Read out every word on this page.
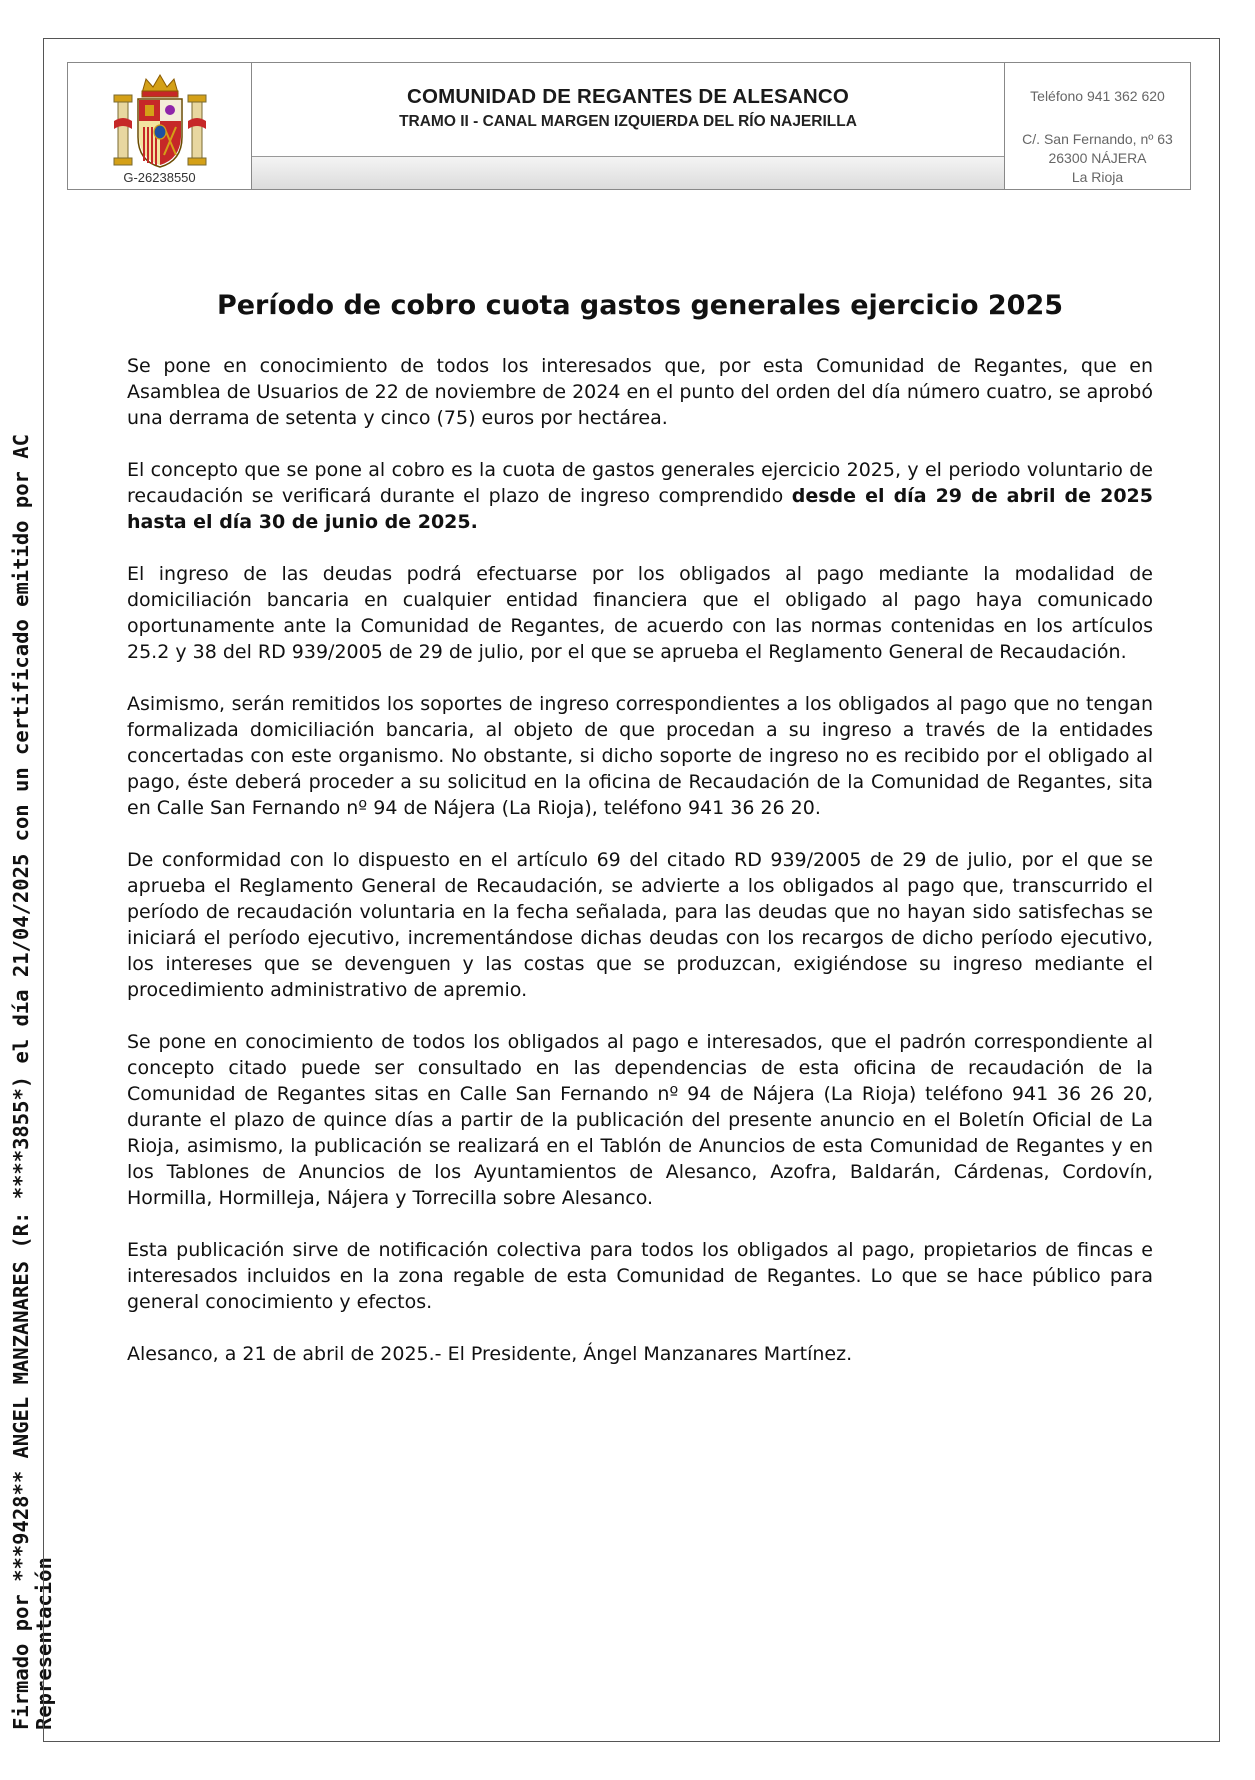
Firmado por ***9428** ANGEL MANZANARES (R: ****3855*) el día 21/04/2025 con un certificado emitido por AC Representación
G-26238550
COMUNIDAD DE REGANTES DE ALESANCO
TRAMO II - CANAL MARGEN IZQUIERDA DEL RÍO NAJERILLA
Teléfono 941 362 620
C/. San Fernando, nº 63
26300 NÁJERA
La Rioja
Período de cobro cuota gastos generales ejercicio 2025

Se pone en conocimiento de todos los interesados que, por esta Comunidad de Regantes, que en Asamblea de Usuarios de 22 de noviembre de 2024 en el punto del orden del día número cuatro, se aprobó una derrama de setenta y cinco (75) euros por hectárea.

El concepto que se pone al cobro es la cuota de gastos generales ejercicio 2025, y el periodo voluntario de recaudación se verificará durante el plazo de ingreso comprendido desde el día 29 de abril de 2025 hasta el día 30 de junio de 2025.

El ingreso de las deudas podrá efectuarse por los obligados al pago mediante la modalidad de domiciliación bancaria en cualquier entidad financiera que el obligado al pago haya comunicado oportunamente ante la Comunidad de Regantes, de acuerdo con las normas contenidas en los artículos 25.2 y 38 del RD 939/2005 de 29 de julio, por el que se aprueba el Reglamento General de Recaudación.

Asimismo, serán remitidos los soportes de ingreso correspondientes a los obligados al pago que no tengan formalizada domiciliación bancaria, al objeto de que procedan a su ingreso a través de la entidades concertadas con este organismo. No obstante, si dicho soporte de ingreso no es recibido por el obligado al pago, éste deberá proceder a su solicitud en la oficina de Recaudación de la Comunidad de Regantes, sita en Calle San Fernando nº 94 de Nájera (La Rioja), teléfono 941 36 26 20.

De conformidad con lo dispuesto en el artículo 69 del citado RD 939/2005 de 29 de julio, por el que se aprueba el Reglamento General de Recaudación, se advierte a los obligados al pago que, transcurrido el período de recaudación voluntaria en la fecha señalada, para las deudas que no hayan sido satisfechas se iniciará el período ejecutivo, incrementándose dichas deudas con los recargos de dicho período ejecutivo, los intereses que se devenguen y las costas que se produzcan, exigiéndose su ingreso mediante el procedimiento administrativo de apremio.

Se pone en conocimiento de todos los obligados al pago e interesados, que el padrón correspondiente al concepto citado puede ser consultado en las dependencias de esta oficina de recaudación de la Comunidad de Regantes sitas en Calle San Fernando nº 94 de Nájera (La Rioja) teléfono 941 36 26 20, durante el plazo de quince días a partir de la publicación del presente anuncio en el Boletín Oficial de La Rioja, asimismo, la publicación se realizará en el Tablón de Anuncios de esta Comunidad de Regantes y en los Tablones de Anuncios de los Ayuntamientos de Alesanco, Azofra, Baldarán, Cárdenas, Cordovín, Hormilla, Hormilleja, Nájera y Torrecilla sobre Alesanco.

Esta publicación sirve de notificación colectiva para todos los obligados al pago, propietarios de fincas e interesados incluidos en la zona regable de esta Comunidad de Regantes. Lo que se hace público para general conocimiento y efectos.

Alesanco, a 21 de abril de 2025.- El Presidente, Ángel Manzanares Martínez.
